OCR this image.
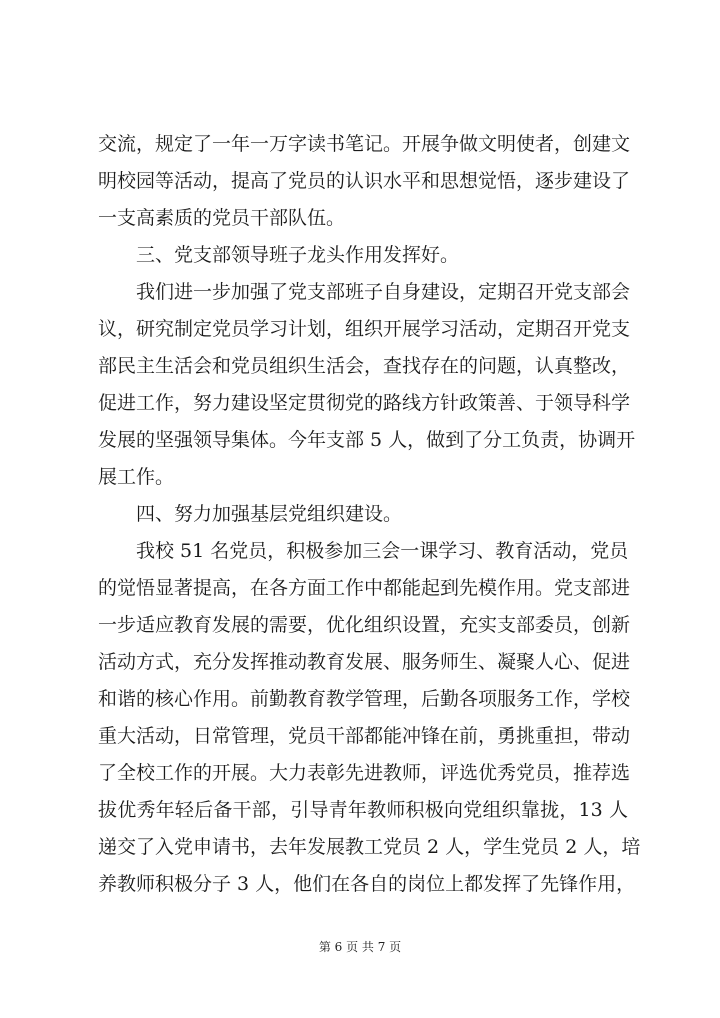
交流，规定了一年一万字读书笔记。开展争做文明使者，创建文
明校园等活动，提高了党员的认识水平和思想觉悟，逐步建设了
一支高素质的党员干部队伍。
三、党支部领导班子龙头作用发挥好。
我们进一步加强了党支部班子自身建设，定期召开党支部会
议，研究制定党员学习计划，组织开展学习活动，定期召开党支
部民主生活会和党员组织生活会，查找存在的问题，认真整改，
促进工作，努力建设坚定贯彻党的路线方针政策善、于领导科学
发展的坚强领导集体。今年支部 5 人，做到了分工负责，协调开
展工作。
四、努力加强基层党组织建设。
我校 51 名党员，积极参加三会一课学习、教育活动，党员
的觉悟显著提高，在各方面工作中都能起到先模作用。党支部进
一步适应教育发展的需要，优化组织设置，充实支部委员，创新
活动方式，充分发挥推动教育发展、服务师生、凝聚人心、促进
和谐的核心作用。前勤教育教学管理，后勤各项服务工作，学校
重大活动，日常管理，党员干部都能冲锋在前，勇挑重担，带动
了全校工作的开展。大力表彰先进教师，评选优秀党员，推荐选
拔优秀年轻后备干部，引导青年教师积极向党组织靠拢，13 人
递交了入党申请书，去年发展教工党员 2 人，学生党员 2 人，培
养教师积极分子 3 人，他们在各自的岗位上都发挥了先锋作用，
第 6 页 共 7 页
